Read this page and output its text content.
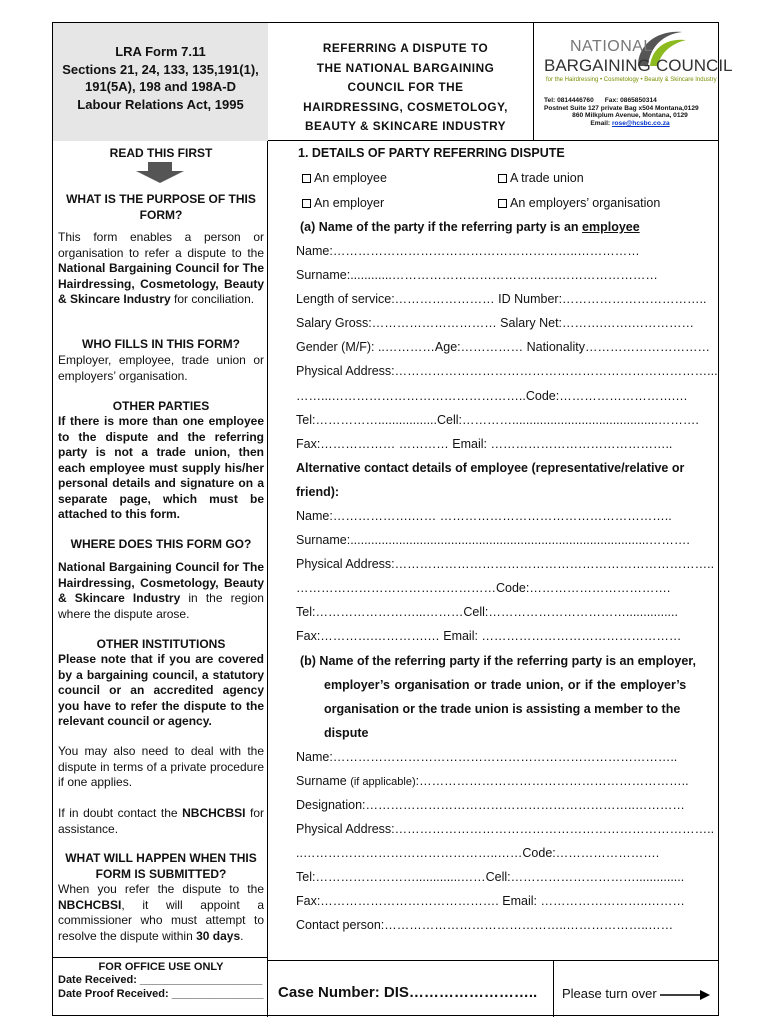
LRA Form 7.11
Sections 21, 24, 133, 135,191(1),
191(5A), 198 and 198A-D
Labour Relations Act, 1995
REFERRING A DISPUTE TO
THE NATIONAL BARGAINING
COUNCIL FOR THE
HAIRDRESSING, COSMETOLOGY,
BEAUTY & SKINCARE INDUSTRY
NATIONAL
BARGAINING COUNCIL
for the Hairdressing • Cosmetology • Beauty & Skincare Industry
Tel: 0814446760 Fax: 0865850314
Postnet Suite 127 private Bag x504 Montana,0129
860 Milkplum Avenue, Montana, 0129
Email: rose@hcsbc.co.za
READ THIS FIRST
WHAT IS THE PURPOSE OF THIS FORM?
This form enables a person or organisation to refer a dispute to the National Bargaining Council for The Hairdressing, Cosmetology, Beauty & Skincare Industry for conciliation.
WHO FILLS IN THIS FORM?
Employer, employee, trade union or employers’ organisation.
OTHER PARTIES
If there is more than one employee to the dispute and the referring party is not a trade union, then each employee must supply his/her personal details and signature on a separate page, which must be attached to this form.
WHERE DOES THIS FORM GO?
National Bargaining Council for The Hairdressing, Cosmetology, Beauty & Skincare Industry in the region where the dispute arose.
OTHER INSTITUTIONS
Please note that if you are covered by a bargaining council, a statutory council or an accredited agency you have to refer the dispute to the relevant council or agency.
You may also need to deal with the dispute in terms of a private procedure if one applies.
If in doubt contact the NBCHCBSI for assistance.
WHAT WILL HAPPEN WHEN THIS FORM IS SUBMITTED?
When you refer the dispute to the NBCHCBSI, it will appoint a commissioner who must attempt to resolve the dispute within 30 days.
FOR OFFICE USE ONLY
Date Received: ____________________
Date Proof Received: _______________
1. DETAILS OF PARTY REFERRING DISPUTE
An employee	A trade union
An employer	An employers’ organisation
(a) Name of the party if the referring party is an employee
Name:…………………………………………………..……………
Surname:............………………………………….……………………
Length of service:…………………… ID Number:……………………………..
Salary Gross:………………………… Salary Net:……….…….……………
Gender (M/F): ..…………Age:…………… Nationality…………………………
Physical Address:…………………………………………………………………...
……...………………………………………..Code:……………………….…
Tel:…………….................Cell:…………..........................................……….
Fax:……………… ………… Email: ……………………………………..
Alternative contact details of employee (representative/relative or
friend):
Name:……………….…… ………………………………………………..
Surname:......................................................................................……….
Physical Address:…………………………………………………………………..
…………………………………………Code:…………………………….
Tel:……………………...………Cell:……………………………...............
Fax:………….………….… Email: …………………………………………
(b) Name of the referring party if the referring party is an employer,
employer’s organisation or trade union, or if the employer’s
organisation or the trade union is assisting a member to the
dispute
Name:………………………………………………………………………..
Surname (if applicable):………………………………………………………..
Designation:………………………………………………………..…………
Physical Address:…………………………………………………………………..
..………………………………………..……Code:…………………….
Tel:…………………….............……Cell:…………………………..............
Fax:……………………………………. Email: ……………………..………
Contact person:……………………………………..………………..……
Case Number: DIS…………………….. Please turn over
